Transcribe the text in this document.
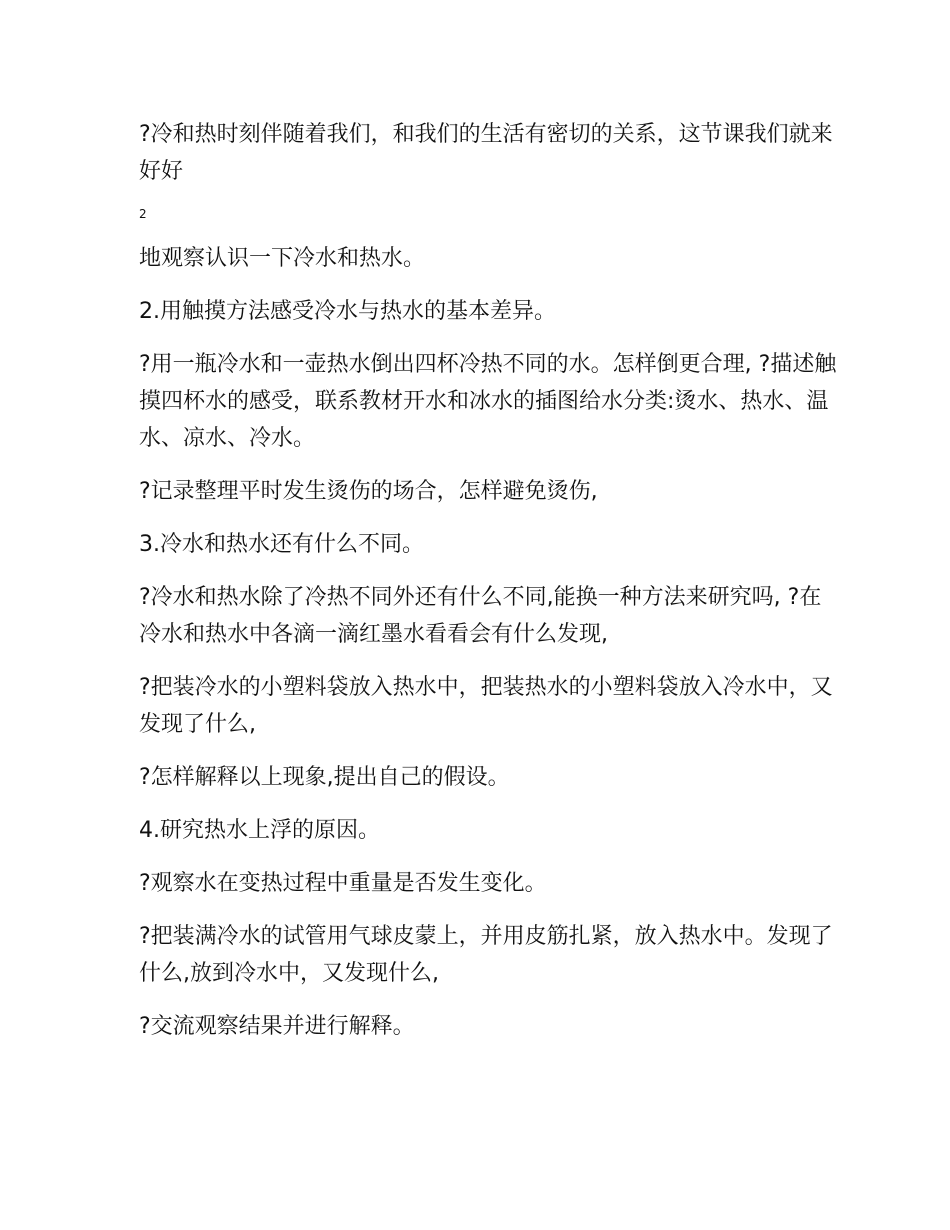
?冷和热时刻伴随着我们，和我们的生活有密切的关系，这节课我们就来好好

2

地观察认识一下冷水和热水。

2.用触摸方法感受冷水与热水的基本差异。

?用一瓶冷水和一壶热水倒出四杯冷热不同的水。怎样倒更合理, ?描述触摸四杯水的感受，联系教材开水和冰水的插图给水分类:烫水、热水、温水、凉水、冷水。

?记录整理平时发生烫伤的场合，怎样避免烫伤,

3.冷水和热水还有什么不同。

?冷水和热水除了冷热不同外还有什么不同,能换一种方法来研究吗, ?在冷水和热水中各滴一滴红墨水看看会有什么发现,

?把装冷水的小塑料袋放入热水中，把装热水的小塑料袋放入冷水中，又发现了什么,

?怎样解释以上现象,提出自己的假设。

4.研究热水上浮的原因。

?观察水在变热过程中重量是否发生变化。

?把装满冷水的试管用气球皮蒙上，并用皮筋扎紧，放入热水中。发现了什么,放到冷水中，又发现什么,

?交流观察结果并进行解释。
